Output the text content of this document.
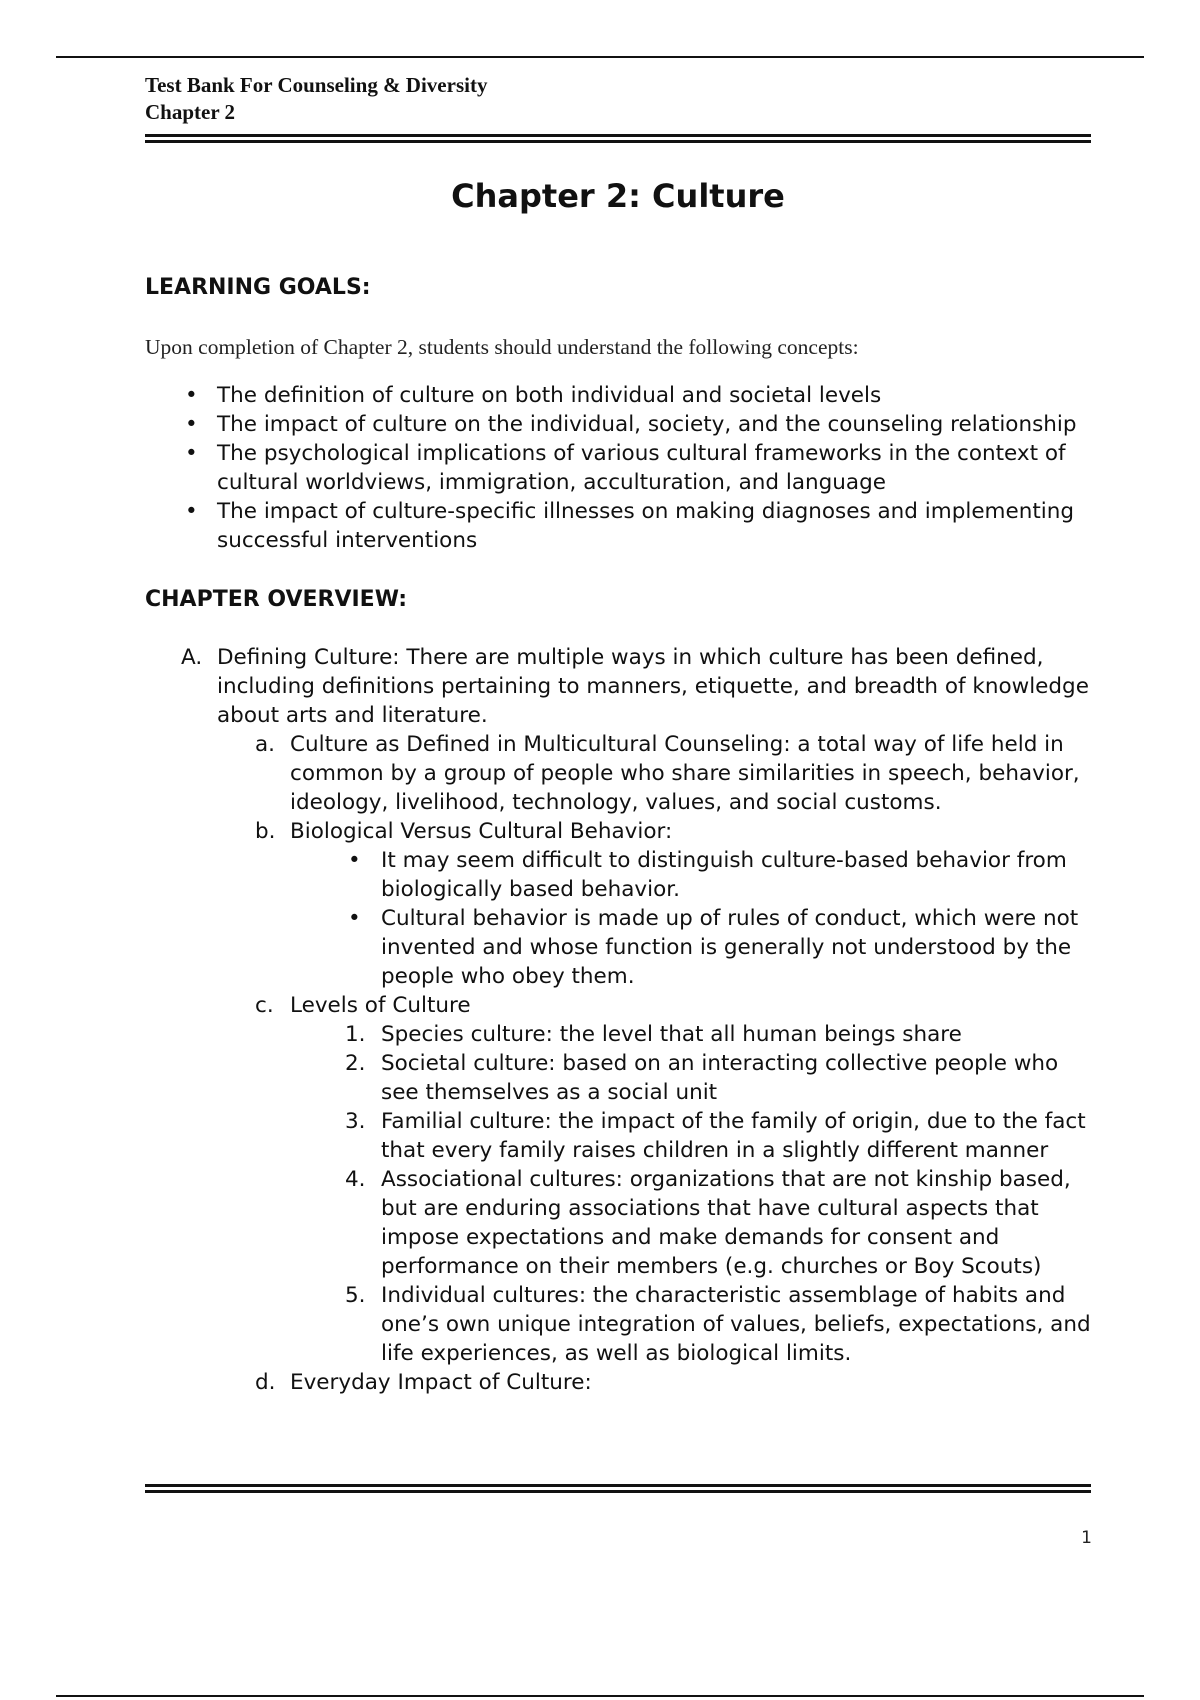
Test Bank For Counseling & Diversity
Chapter 2
Chapter 2: Culture
LEARNING GOALS:
Upon completion of Chapter 2, students should understand the following concepts:
• The definition of culture on both individual and societal levels
• The impact of culture on the individual, society, and the counseling relationship
• The psychological implications of various cultural frameworks in the context of cultural worldviews, immigration, acculturation, and language
• The impact of culture-specific illnesses on making diagnoses and implementing successful interventions
CHAPTER OVERVIEW:
A. Defining Culture: There are multiple ways in which culture has been defined, including definitions pertaining to manners, etiquette, and breadth of knowledge about arts and literature.
a. Culture as Defined in Multicultural Counseling: a total way of life held in common by a group of people who share similarities in speech, behavior, ideology, livelihood, technology, values, and social customs.
b. Biological Versus Cultural Behavior:
• It may seem difficult to distinguish culture-based behavior from biologically based behavior.
• Cultural behavior is made up of rules of conduct, which were not invented and whose function is generally not understood by the people who obey them.
c. Levels of Culture
1. Species culture: the level that all human beings share
2. Societal culture: based on an interacting collective people who see themselves as a social unit
3. Familial culture: the impact of the family of origin, due to the fact that every family raises children in a slightly different manner
4. Associational cultures: organizations that are not kinship based, but are enduring associations that have cultural aspects that impose expectations and make demands for consent and performance on their members (e.g. churches or Boy Scouts)
5. Individual cultures: the characteristic assemblage of habits and one’s own unique integration of values, beliefs, expectations, and life experiences, as well as biological limits.
d. Everyday Impact of Culture:
1
